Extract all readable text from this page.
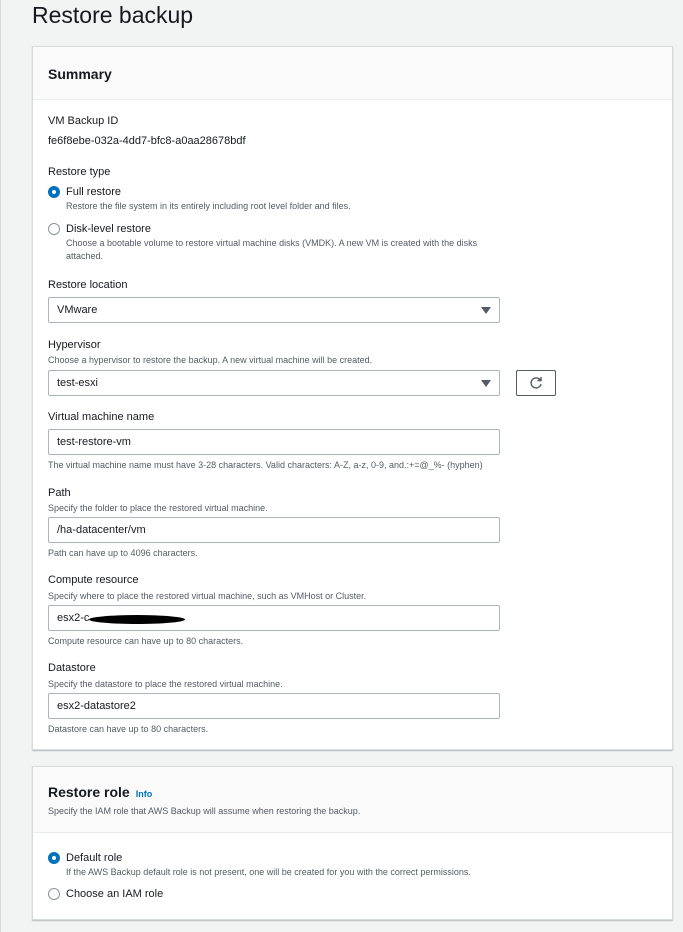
Restore backup
Summary
VM Backup ID
fe6f8ebe-032a-4dd7-bfc8-a0aa28678bdf
Restore type
Full restore
Restore the file system in its entirely including root level folder and files.
Disk-level restore
Choose a bootable volume to restore virtual machine disks (VMDK). A new VM is created with the disks attached.
Restore location
VMware
Hypervisor
Choose a hypervisor to restore the backup. A new virtual machine will be created.
test-esxi
Virtual machine name
test-restore-vm
The virtual machine name must have 3-28 characters. Valid characters: A-Z, a-z, 0-9, and.:+=@_%- (hyphen)
Path
Specify the folder to place the restored virtual machine.
/ha-datacenter/vm
Path can have up to 4096 characters.
Compute resource
Specify where to place the restored virtual machine, such as VMHost or Cluster.
esx2-c
Compute resource can have up to 80 characters.
Datastore
Specify the datastore to place the restored virtual machine.
esx2-datastore2
Datastore can have up to 80 characters.
Restore role Info
Specify the IAM role that AWS Backup will assume when restoring the backup.
Default role
If the AWS Backup default role is not present, one will be created for you with the correct permissions.
Choose an IAM role
